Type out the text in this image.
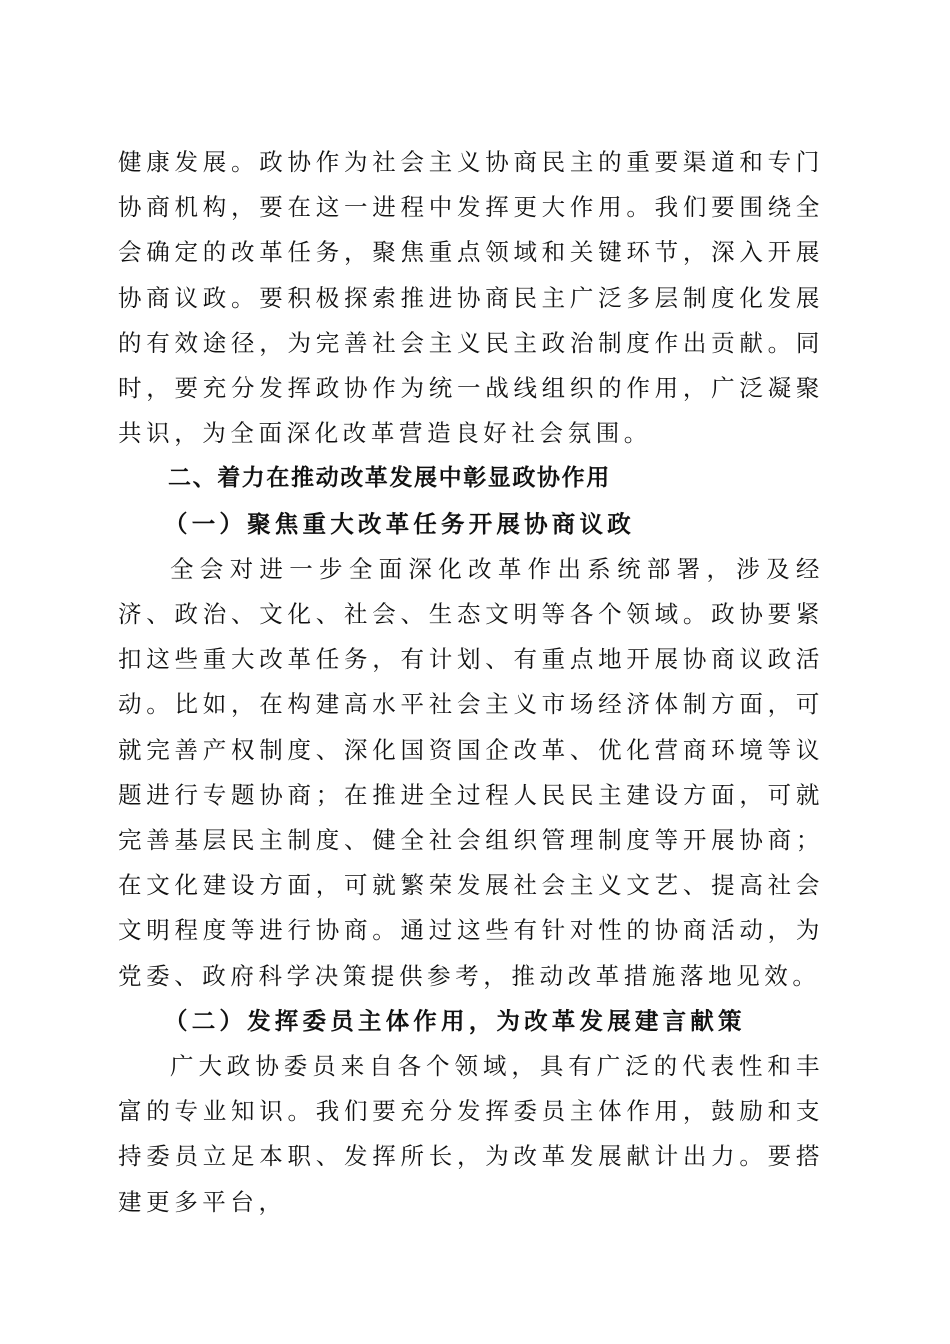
健康发展。政协作为社会主义协商民主的重要渠道和专门协商机构，要在这一进程中发挥更大作用。我们要围绕全会确定的改革任务，聚焦重点领域和关键环节，深入开展协商议政。要积极探索推进协商民主广泛多层制度化发展的有效途径，为完善社会主义民主政治制度作出贡献。同时，要充分发挥政协作为统一战线组织的作用，广泛凝聚共识，为全面深化改革营造良好社会氛围。

二、着力在推动改革发展中彰显政协作用

（一）聚焦重大改革任务开展协商议政

全会对进一步全面深化改革作出系统部署，涉及经济、政治、文化、社会、生态文明等各个领域。政协要紧扣这些重大改革任务，有计划、有重点地开展协商议政活动。比如，在构建高水平社会主义市场经济体制方面，可就完善产权制度、深化国资国企改革、优化营商环境等议题进行专题协商；在推进全过程人民民主建设方面，可就完善基层民主制度、健全社会组织管理制度等开展协商；在文化建设方面，可就繁荣发展社会主义文艺、提高社会文明程度等进行协商。通过这些有针对性的协商活动，为党委、政府科学决策提供参考，推动改革措施落地见效。

（二）发挥委员主体作用，为改革发展建言献策

广大政协委员来自各个领域，具有广泛的代表性和丰富的专业知识。我们要充分发挥委员主体作用，鼓励和支持委员立足本职、发挥所长，为改革发展献计出力。要搭建更多平台，
